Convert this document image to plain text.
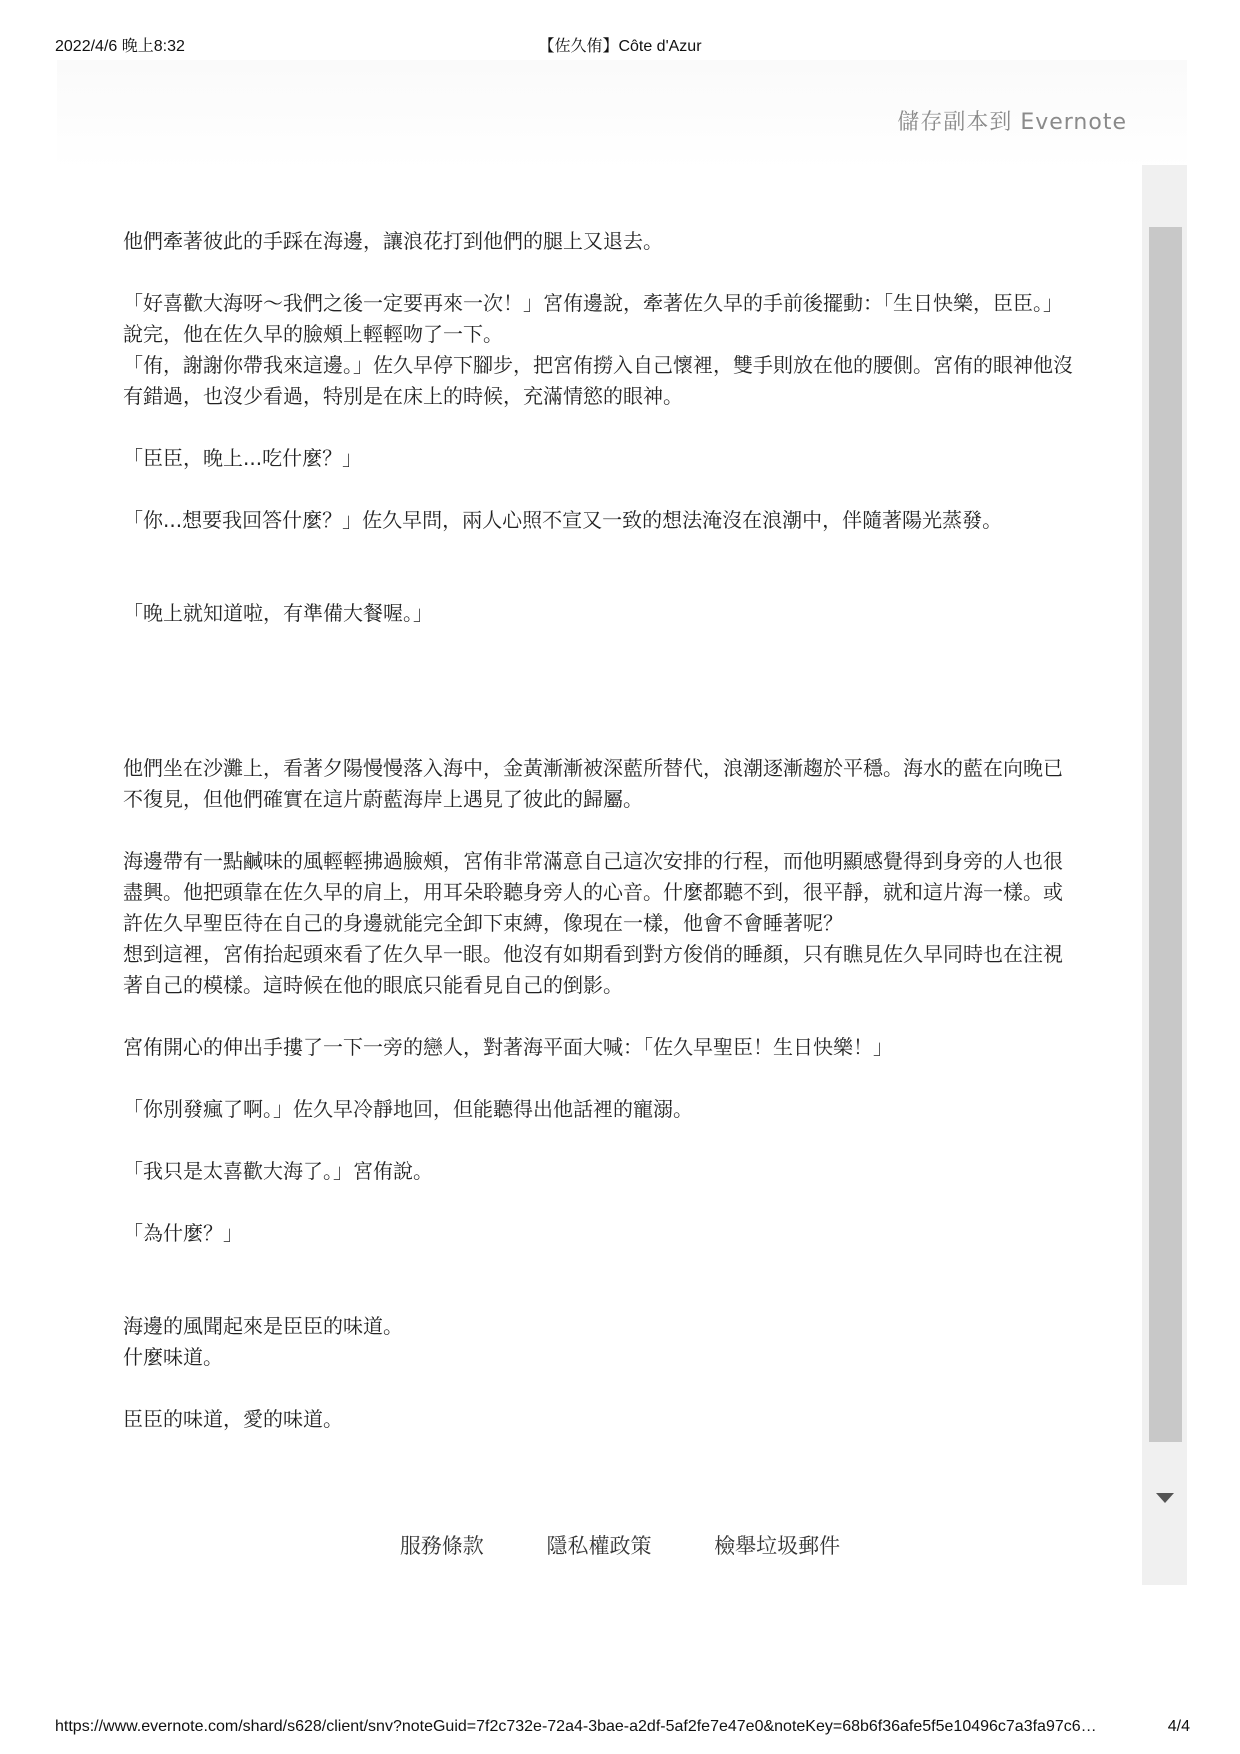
2022/4/6 晚上8:32	【佐久侑】Côte d'Azur
儲存副本到 Evernote

他們牽著彼此的手踩在海邊，讓浪花打到他們的腿上又退去。

「好喜歡大海呀～我們之後一定要再來一次！」宮侑邊說，牽著佐久早的手前後擺動：「生日快樂，臣臣。」說完，他在佐久早的臉頰上輕輕吻了一下。
「侑，謝謝你帶我來這邊。」佐久早停下腳步，把宮侑撈入自己懷裡，雙手則放在他的腰側。宮侑的眼神他沒有錯過，也沒少看過，特別是在床上的時候，充滿情慾的眼神。

「臣臣，晚上...吃什麼？」

「你...想要我回答什麼？」佐久早問，兩人心照不宣又一致的想法淹沒在浪潮中，伴隨著陽光蒸發。

「晚上就知道啦，有準備大餐喔。」

他們坐在沙灘上，看著夕陽慢慢落入海中，金黃漸漸被深藍所替代，浪潮逐漸趨於平穩。海水的藍在向晚已不復見，但他們確實在這片蔚藍海岸上遇見了彼此的歸屬。

海邊帶有一點鹹味的風輕輕拂過臉頰，宮侑非常滿意自己這次安排的行程，而他明顯感覺得到身旁的人也很盡興。他把頭靠在佐久早的肩上，用耳朵聆聽身旁人的心音。什麼都聽不到，很平靜，就和這片海一樣。或許佐久早聖臣待在自己的身邊就能完全卸下束縛，像現在一樣，他會不會睡著呢？
想到這裡，宮侑抬起頭來看了佐久早一眼。他沒有如期看到對方俊俏的睡顏，只有瞧見佐久早同時也在注視著自己的模樣。這時候在他的眼底只能看見自己的倒影。

宮侑開心的伸出手摟了一下一旁的戀人，對著海平面大喊：「佐久早聖臣！生日快樂！」

「你別發瘋了啊。」佐久早冷靜地回，但能聽得出他話裡的寵溺。

「我只是太喜歡大海了。」宮侑說。

「為什麼？」

海邊的風聞起來是臣臣的味道。
什麼味道。

臣臣的味道，愛的味道。

服務條款	隱私權政策	檢舉垃圾郵件
https://www.evernote.com/shard/s628/client/snv?noteGuid=7f2c732e-72a4-3bae-a2df-5af2fe7e47e0&noteKey=68b6f36afe5f5e10496c7a3fa97c6…	4/4
